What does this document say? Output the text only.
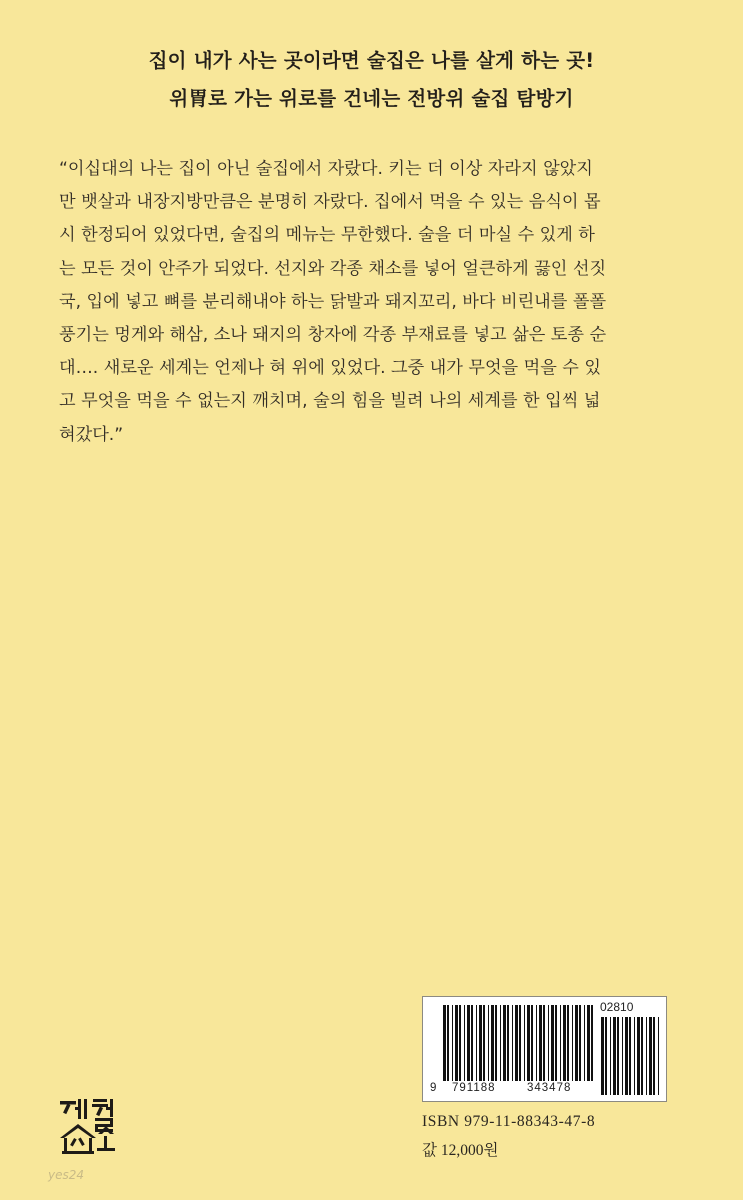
집이 내가 사는 곳이라면 술집은 나를 살게 하는 곳!
위胃로 가는 위로를 건네는 전방위 술집 탐방기
“이십대의 나는 집이 아닌 술집에서 자랐다. 키는 더 이상 자라지 않았지
만 뱃살과 내장지방만큼은 분명히 자랐다. 집에서 먹을 수 있는 음식이 몹
시 한정되어 있었다면, 술집의 메뉴는 무한했다. 술을 더 마실 수 있게 하
는 모든 것이 안주가 되었다. 선지와 각종 채소를 넣어 얼큰하게 끓인 선짓
국, 입에 넣고 뼈를 분리해내야 하는 닭발과 돼지꼬리, 바다 비린내를 폴폴
풍기는 멍게와 해삼, 소나 돼지의 창자에 각종 부재료를 넣고 삶은 토종 순
대…. 새로운 세계는 언제나 혀 위에 있었다. 그중 내가 무엇을 먹을 수 있
고 무엇을 먹을 수 없는지 깨치며, 술의 힘을 빌려 나의 세계를 한 입씩 넓
혀갔다.”
02810
9 791188	343478
ISBN 979-11-88343-47-8
값 12,000원
yes24
